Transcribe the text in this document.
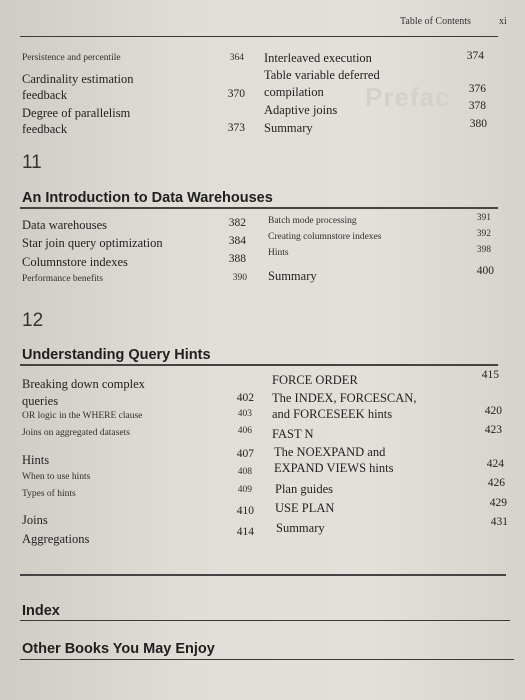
Table of Contents	xi
Prefac
Persistence and percentile	364
Cardinality estimation
feedback	370
Degree of parallelism
feedback	373
Interleaved execution	374
Table variable deferred
compilation	376
Adaptive joins	378
Summary	380
11
An Introduction to Data Warehouses
Data warehouses	382
Star join query optimization	384
Columnstore indexes	388
Performance benefits	390
Batch mode processing	391
Creating columnstore indexes	392
Hints	398
Summary	400
12
Understanding Query Hints
Breaking down complex
queries	402
OR logic in the WHERE clause	403
Joins on aggregated datasets	406
Hints	407
When to use hints	408
Types of hints	409
Joins
410
Aggregations	414
FORCE ORDER	415
The INDEX, FORCESCAN,
and FORCESEEK hints	420
FAST N	423
The NOEXPAND and
EXPAND VIEWS hints	424
Plan guides	426
USE PLAN	429
Summary	431
Index
Other Books You May Enjoy
